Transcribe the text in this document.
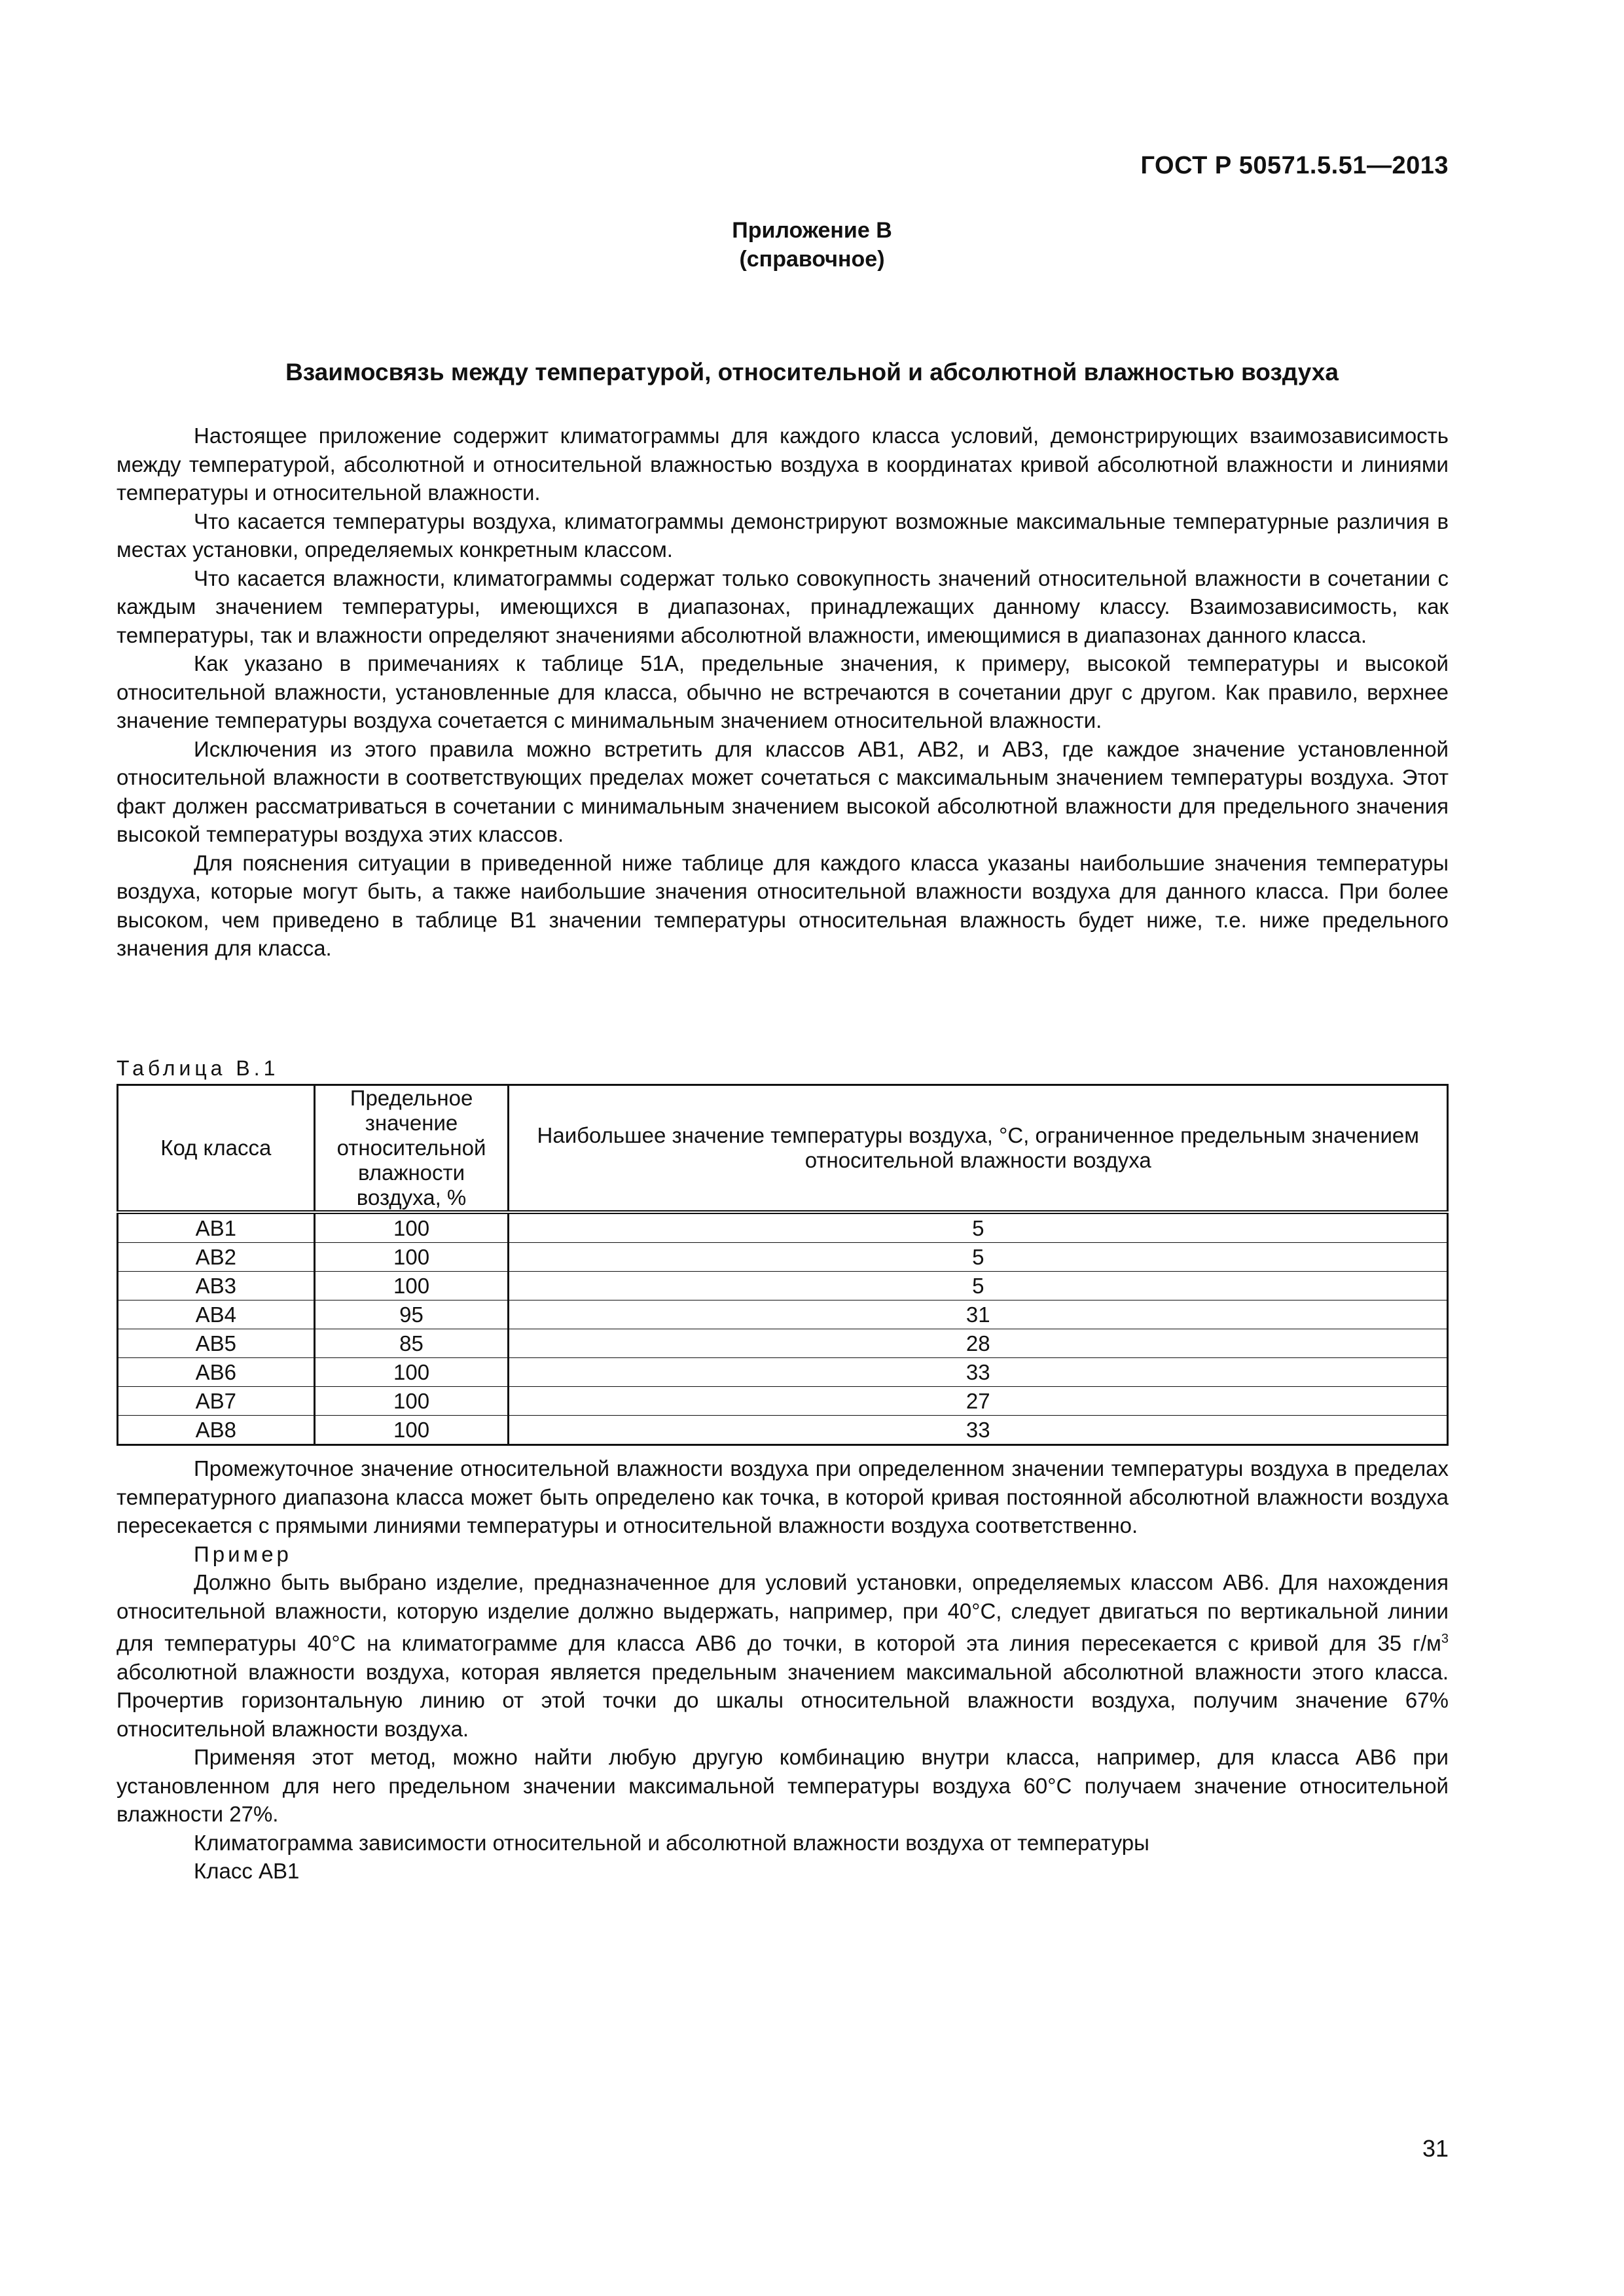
ГОСТ Р 50571.5.51—2013
Приложение В
(справочное)
Взаимосвязь между температурой, относительной и абсолютной влажностью воздуха

Настоящее приложение содержит климатограммы для каждого класса условий, демонстрирующих взаимозависимость между температурой, абсолютной и относительной влажностью воздуха в координатах кривой абсолютной влажности и линиями температуры и относительной влажности.

Что касается температуры воздуха, климатограммы демонстрируют возможные максимальные температурные различия в местах установки, определяемых конкретным классом.

Что касается влажности, климатограммы содержат только совокупность значений относительной влажности в сочетании с каждым значением температуры, имеющихся в диапазонах, принадлежащих данному классу. Взаимозависимость, как температуры, так и влажности определяют значениями абсолютной влажности, имеющимися в диапазонах данного класса.

Как указано в примечаниях к таблице 51А, предельные значения, к примеру, высокой температуры и высокой относительной влажности, установленные для класса, обычно не встречаются в сочетании друг с другом. Как правило, верхнее значение температуры воздуха сочетается с минимальным значением относительной влажности.

Исключения из этого правила можно встретить для классов АВ1, АВ2, и АВ3, где каждое значение установленной относительной влажности в соответствующих пределах может сочетаться с максимальным значением температуры воздуха. Этот факт должен рассматриваться в сочетании с минимальным значением высокой абсолютной влажности для предельного значения высокой температуры воздуха этих классов.

Для пояснения ситуации в приведенной ниже таблице для каждого класса указаны наибольшие значения температуры воздуха, которые могут быть, а также наибольшие значения относительной влажности воздуха для данного класса. При более высоком, чем приведено в таблице В1 значении температуры относительная влажность будет ниже, т.е. ниже предельного значения для класса.

Таблица В.1
Код класса	Предельное значение относительной влажности воздуха, %	Наибольшее значение температуры воздуха, °С, ограниченное предельным значением относительной влажности воздуха
АВ1	100	5
АВ2	100	5
АВ3	100	5
АВ4	95	31
АВ5	85	28
АВ6	100	33
АВ7	100	27
АВ8	100	33

Промежуточное значение относительной влажности воздуха при определенном значении температуры воздуха в пределах температурного диапазона класса может быть определено как точка, в которой кривая постоянной абсолютной влажности воздуха пересекается с прямыми линиями температуры и относительной влажности воздуха соответственно.

Пример

Должно быть выбрано изделие, предназначенное для условий установки, определяемых классом АВ6. Для нахождения относительной влажности, которую изделие должно выдержать, например, при 40°С, следует двигаться по вертикальной линии для температуры 40°С на климатограмме для класса АВ6 до точки, в которой эта линия пересекается с кривой для 35 $г/м^3$ абсолютной влажности воздуха, которая является предельным значением максимальной абсолютной влажности этого класса. Прочертив горизонтальную линию от этой точки до шкалы относительной влажности воздуха, получим значение 67% относительной влажности воздуха.

Применяя этот метод, можно найти любую другую комбинацию внутри класса, например, для класса АВ6 при установленном для него предельном значении максимальной температуры воздуха 60°С получаем значение относительной влажности 27%.

Климатограмма зависимости относительной и абсолютной влажности воздуха от температуры

Класс АВ1

31
